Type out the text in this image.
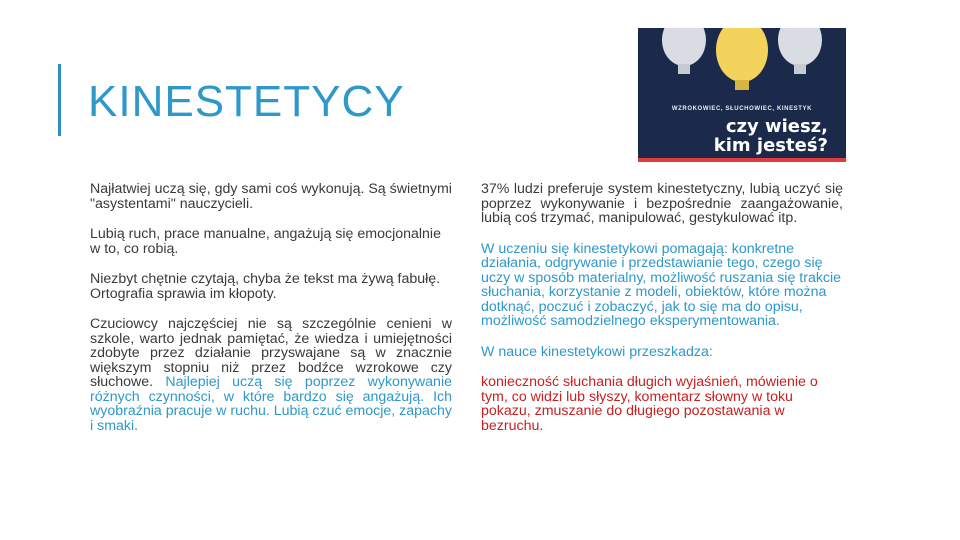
KINESTETYCY	WZROKOWIEC, SŁUCHOWIEC, KINESTYK
czy wiesz,
kim jesteś?

Najłatwiej uczą się, gdy sami coś wykonują. Są świetnymi "asystentami" nauczycieli.

Lubią ruch, prace manualne, angażują się emocjonalnie w to, co robią.

Niezbyt chętnie czytają, chyba że tekst ma żywą fabułę. Ortografia sprawia im kłopoty.

Czuciowcy najczęściej nie są szczególnie cenieni w szkole, warto jednak pamiętać, że wiedza i umiejętności zdobyte przez działanie przyswajane są w znacznie większym stopniu niż przez bodźce wzrokowe czy słuchowe. Najlepiej uczą się poprzez wykonywanie różnych czynności, w które bardzo się angażują. Ich wyobraźnia pracuje w ruchu. Lubią czuć emocje, zapachy i smaki.

37% ludzi preferuje system kinestetyczny, lubią uczyć się poprzez wykonywanie i bezpośrednie zaangażowanie, lubią coś trzymać, manipulować, gestykulować itp.

W uczeniu się kinestetykowi pomagają: konkretne działania, odgrywanie i przedstawianie tego, czego się uczy w sposób materialny, możliwość ruszania się trakcie słuchania, korzystanie z modeli, obiektów, które można dotknąć, poczuć i zobaczyć, jak to się ma do opisu, możliwość samodzielnego eksperymentowania.

W nauce kinestetykowi przeszkadza:

konieczność słuchania długich wyjaśnień, mówienie o tym, co widzi lub słyszy, komentarz słowny w toku pokazu, zmuszanie do długiego pozostawania w bezruchu.
